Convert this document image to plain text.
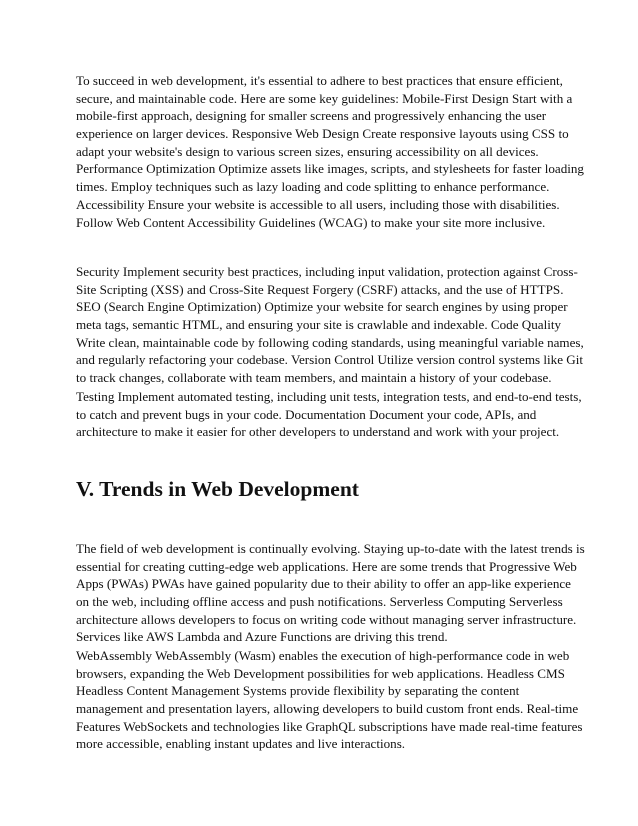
To succeed in web development, it's essential to adhere to best practices that ensure efficient,
secure, and maintainable code. Here are some key guidelines: Mobile-First Design Start with a
mobile-first approach, designing for smaller screens and progressively enhancing the user
experience on larger devices. Responsive Web Design Create responsive layouts using CSS to
adapt your website's design to various screen sizes, ensuring accessibility on all devices.
Performance Optimization Optimize assets like images, scripts, and stylesheets for faster loading
times. Employ techniques such as lazy loading and code splitting to enhance performance.
Accessibility Ensure your website is accessible to all users, including those with disabilities.
Follow Web Content Accessibility Guidelines (WCAG) to make your site more inclusive.

Security Implement security best practices, including input validation, protection against Cross-
Site Scripting (XSS) and Cross-Site Request Forgery (CSRF) attacks, and the use of HTTPS.
SEO (Search Engine Optimization) Optimize your website for search engines by using proper
meta tags, semantic HTML, and ensuring your site is crawlable and indexable. Code Quality
Write clean, maintainable code by following coding standards, using meaningful variable names,
and regularly refactoring your codebase. Version Control Utilize version control systems like Git
to track changes, collaborate with team members, and maintain a history of your codebase.

Testing Implement automated testing, including unit tests, integration tests, and end-to-end tests,
to catch and prevent bugs in your code. Documentation Document your code, APIs, and
architecture to make it easier for other developers to understand and work with your project.

V. Trends in Web Development

The field of web development is continually evolving. Staying up-to-date with the latest trends is
essential for creating cutting-edge web applications. Here are some trends that Progressive Web
Apps (PWAs) PWAs have gained popularity due to their ability to offer an app-like experience
on the web, including offline access and push notifications. Serverless Computing Serverless
architecture allows developers to focus on writing code without managing server infrastructure.
Services like AWS Lambda and Azure Functions are driving this trend.

WebAssembly WebAssembly (Wasm) enables the execution of high-performance code in web
browsers, expanding the Web Development possibilities for web applications. Headless CMS
Headless Content Management Systems provide flexibility by separating the content
management and presentation layers, allowing developers to build custom front ends. Real-time
Features WebSockets and technologies like GraphQL subscriptions have made real-time features
more accessible, enabling instant updates and live interactions.
